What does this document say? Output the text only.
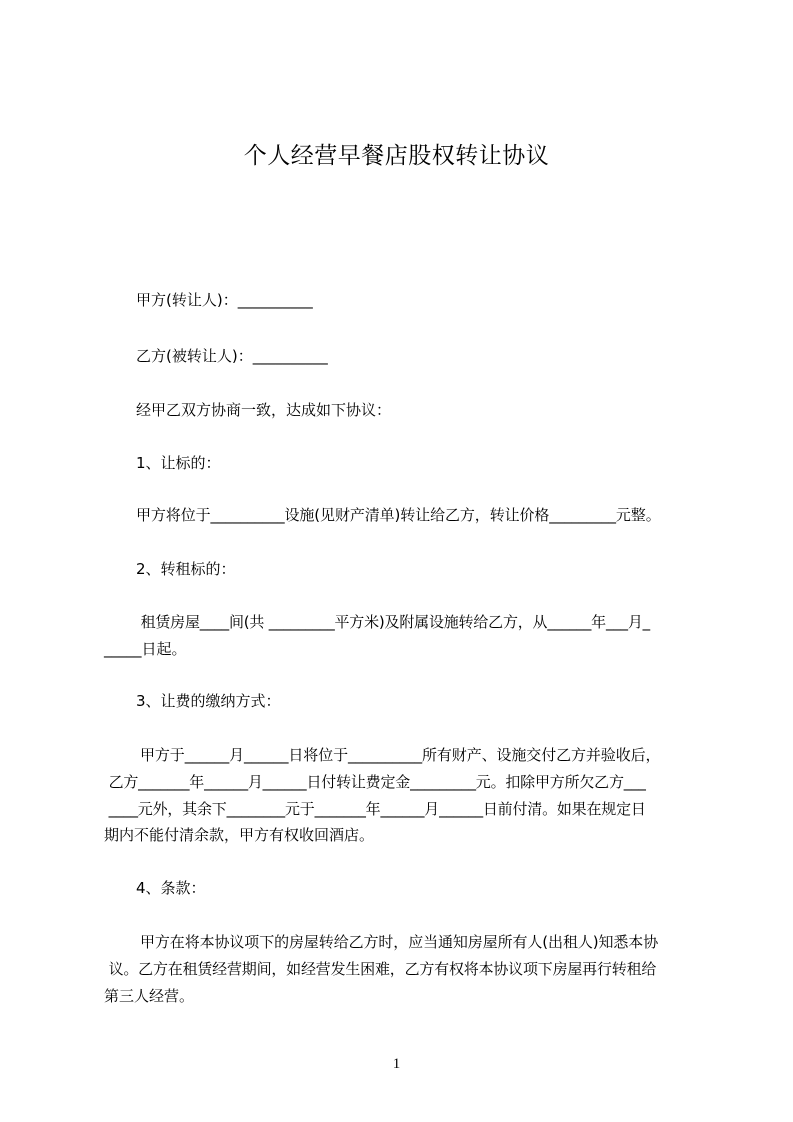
个人经营早餐店股权转让协议
甲方(转让人)：__________
乙方(被转让人)：__________
经甲乙双方协商一致，达成如下协议：
1、让标的：
甲方将位于__________设施(见财产清单)转让给乙方，转让价格_________元整。
2、转租标的：
租赁房屋____间(共 _________平方米)及附属设施转给乙方，从______年___月_
_____日起。
3、让费的缴纳方式：
甲方于______月______日将位于__________所有财产、设施交付乙方并验收后，
乙方_______年______月______日付转让费定金_________元。扣除甲方所欠乙方___
____元外，其余下________元于_______年______月______日前付清。如果在规定日
期内不能付清余款，甲方有权收回酒店。
4、条款：
甲方在将本协议项下的房屋转给乙方时，应当通知房屋所有人(出租人)知悉本协
议。乙方在租赁经营期间，如经营发生困难，乙方有权将本协议项下房屋再行转租给
第三人经营。
1
